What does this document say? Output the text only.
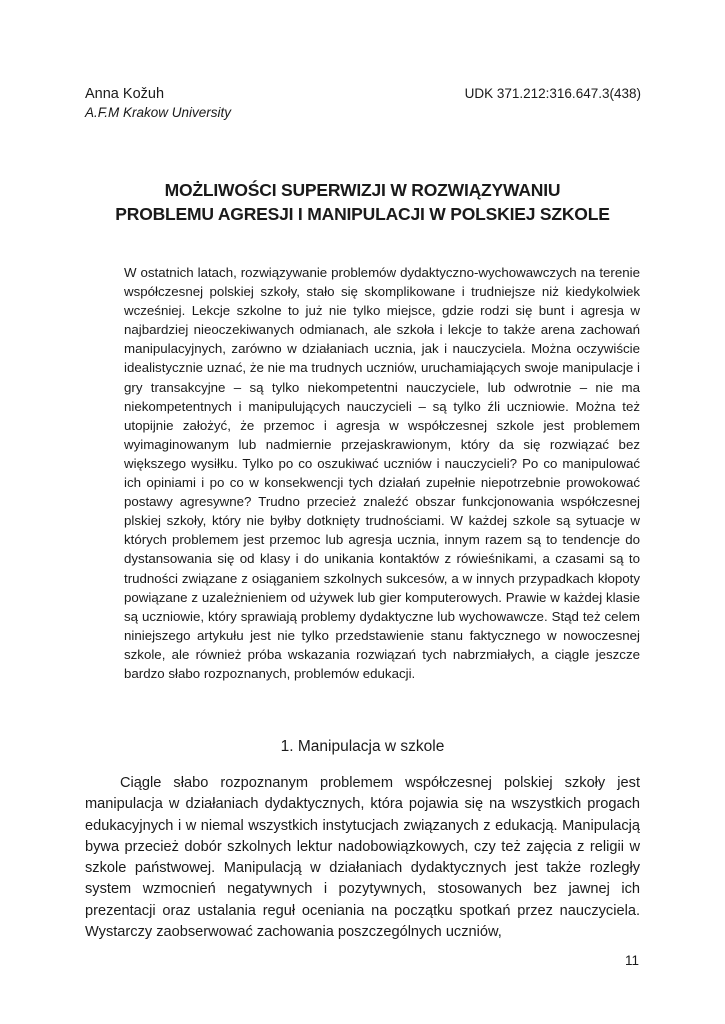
Anna Kožuh
A.F.M Krakow University
UDK 371.212:316.647.3(438)
MOŻLIWOŚCI SUPERWIZJI W ROZWIĄZYWANIU
PROBLEMU AGRESJI I MANIPULACJI W POLSKIEJ SZKOLE

W ostatnich latach, rozwiązywanie problemów dydaktyczno-wychowawczych na terenie współczesnej polskiej szkoły, stało się skomplikowane i trudniejsze niż kiedykolwiek wcześniej. Lekcje szkolne to już nie tylko miejsce, gdzie rodzi się bunt i agresja w najbardziej nieoczekiwanych odmianach, ale szkoła i lekcje to także arena zachowań manipulacyjnych, zarówno w działaniach ucznia, jak i nauczyciela. Można oczywiście idealistycznie uznać, że nie ma trudnych uczniów, uruchamiających swoje manipulacje i gry transakcyjne – są tylko niekompetentni nauczyciele, lub odwrotnie – nie ma niekompetentnych i manipulujących nauczycieli – są tylko źli uczniowie. Można też utopijnie założyć, że przemoc i agresja w współczesnej szkole jest problemem wyimaginowanym lub nadmiernie przejaskrawionym, który da się rozwiązać bez większego wysiłku. Tylko po co oszukiwać uczniów i nauczycieli? Po co manipulować ich opiniami i po co w konsekwencji tych działań zupełnie niepotrzebnie prowokować postawy agresywne? Trudno przecież znaleźć obszar funkcjonowania współczesnej plskiej szkoły, który nie byłby dotknięty trudnościami. W każdej szkole są sytuacje w których problemem jest przemoc lub agresja ucznia, innym razem są to tendencje do dystansowania się od klasy i do unikania kontaktów z rówieśnikami, a czasami są to trudności związane z osiąganiem szkolnych sukcesów, a w innych przypadkach kłopoty powiązane z uzależnieniem od używek lub gier komputerowych. Prawie w każdej klasie są uczniowie, który sprawiają problemy dydaktyczne lub wychowawcze. Stąd też celem niniejszego artykułu jest nie tylko przedstawienie stanu faktycznego w nowoczesnej szkole, ale również próba wskazania rozwiązań tych nabrzmiałych, a ciągle jeszcze bardzo słabo rozpoznanych, problemów edukacji.

1. Manipulacja w szkole

Ciągle słabo rozpoznanym problemem współczesnej polskiej szkoły jest manipulacja w działaniach dydaktycznych, która pojawia się na wszystkich progach edukacyjnych i w niemal wszystkich instytucjach związanych z edukacją. Manipulacją bywa przecież dobór szkolnych lektur nadobowiązkowych, czy też zajęcia z religii w szkole państwowej. Manipulacją w działaniach dydaktycznych jest także rozległy system wzmocnień negatywnych i pozytywnych, stosowanych bez jawnej ich prezentacji oraz ustalania reguł oceniania na początku spotkań przez nauczyciela. Wystarczy zaobserwować zachowania poszczególnych uczniów,

11
